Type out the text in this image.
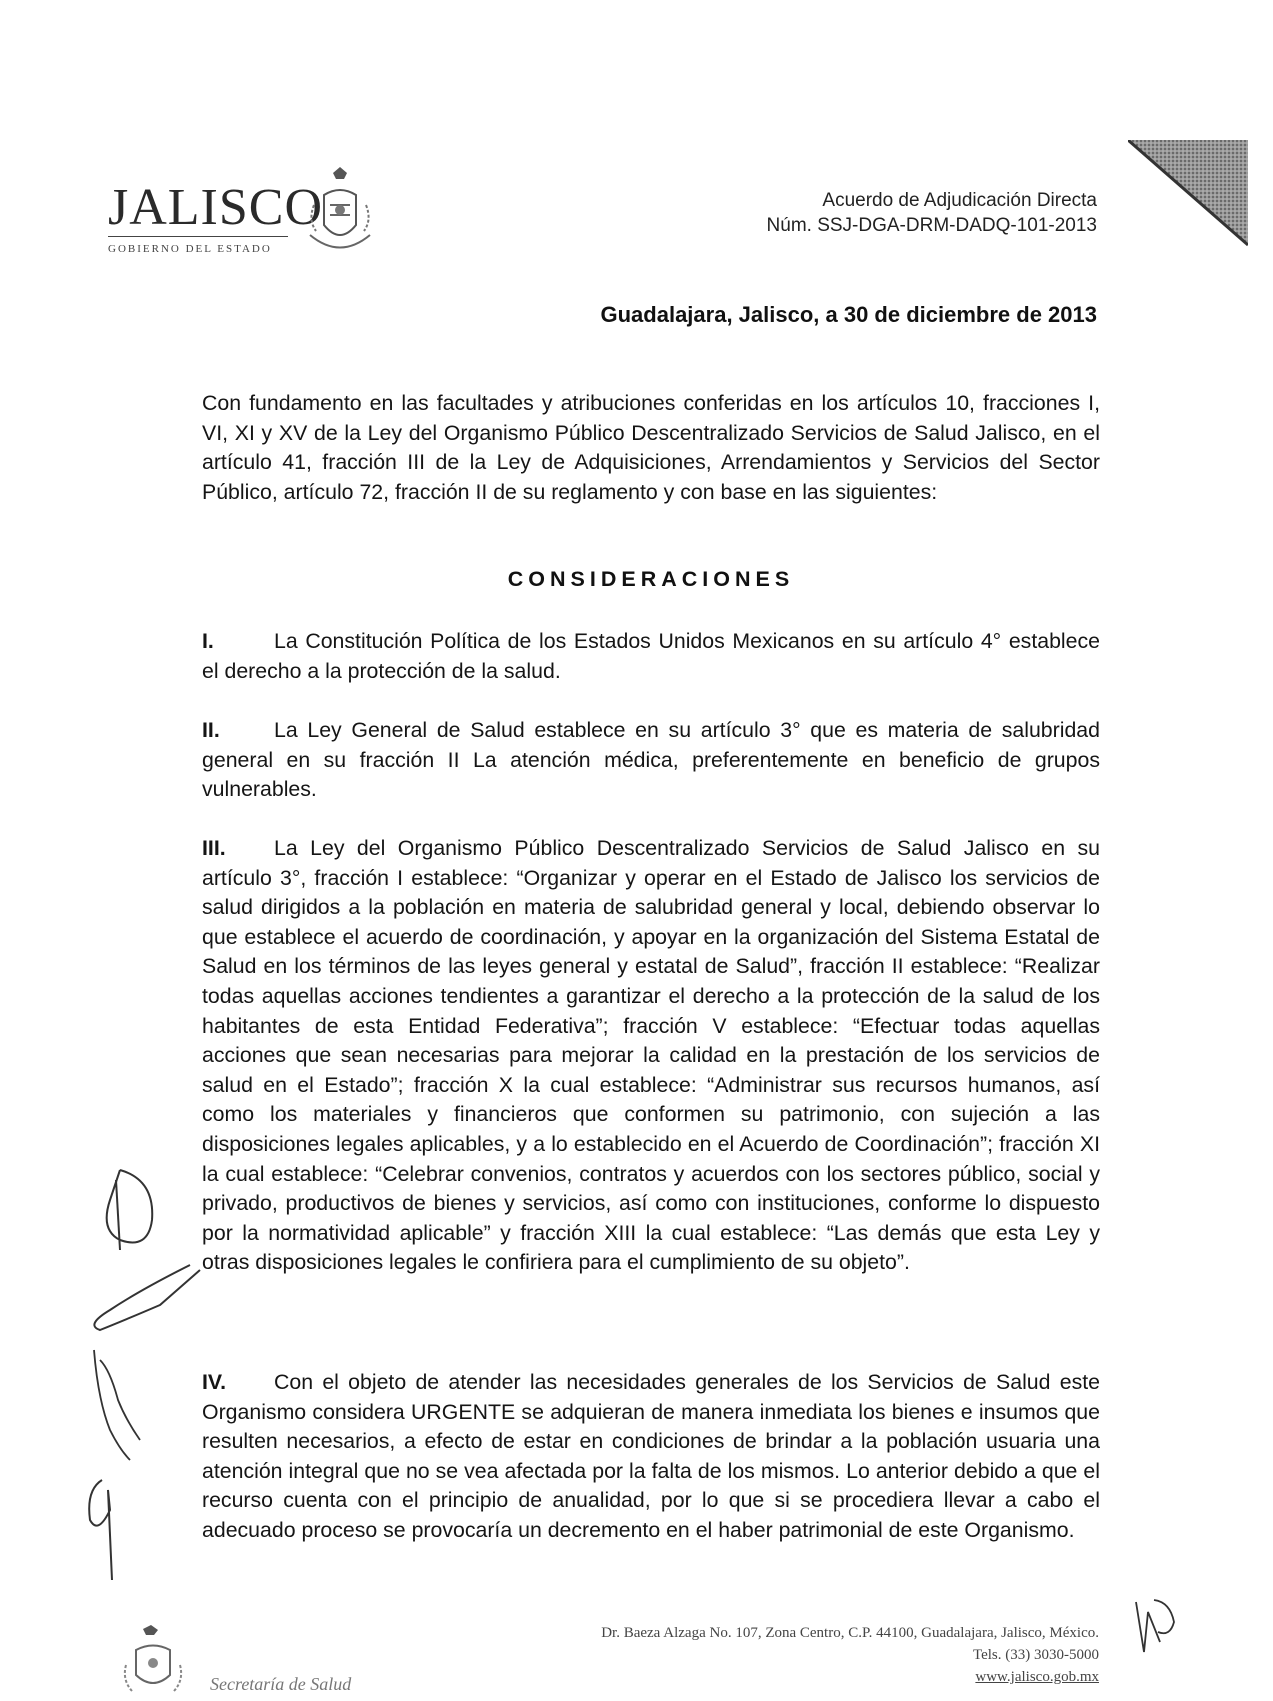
JALISCO
GOBIERNO DEL ESTADO
Acuerdo de Adjudicación Directa
Núm. SSJ-DGA-DRM-DADQ-101-2013
Guadalajara, Jalisco, a 30 de diciembre de 2013
Con fundamento en las facultades y atribuciones conferidas en los artículos 10, fracciones I, VI, XI y XV de la Ley del Organismo Público Descentralizado Servicios de Salud Jalisco, en el artículo 41, fracción III de la Ley de Adquisiciones, Arrendamientos y Servicios del Sector Público, artículo 72, fracción II de su reglamento y con base en las siguientes:
CONSIDERACIONES
I.	La Constitución Política de los Estados Unidos Mexicanos en su artículo 4° establece el derecho a la protección de la salud.
II.	La Ley General de Salud establece en su artículo 3° que es materia de salubridad general en su fracción II La atención médica, preferentemente en beneficio de grupos vulnerables.
III. La Ley del Organismo Público Descentralizado Servicios de Salud Jalisco en su artículo 3°, fracción I establece: “Organizar y operar en el Estado de Jalisco los servicios de salud dirigidos a la población en materia de salubridad general y local, debiendo observar lo que establece el acuerdo de coordinación, y apoyar en la organización del Sistema Estatal de Salud en los términos de las leyes general y estatal de Salud”, fracción II establece: “Realizar todas aquellas acciones tendientes a garantizar el derecho a la protección de la salud de los habitantes de esta Entidad Federativa”; fracción V establece: “Efectuar todas aquellas acciones que sean necesarias para mejorar la calidad en la prestación de los servicios de salud en el Estado”; fracción X la cual establece: “Administrar sus recursos humanos, así como los materiales y financieros que conformen su patrimonio, con sujeción a las disposiciones legales aplicables, y a lo establecido en el Acuerdo de Coordinación”; fracción XI la cual establece: “Celebrar convenios, contratos y acuerdos con los sectores público, social y privado, productivos de bienes y servicios, así como con instituciones, conforme lo dispuesto por la normatividad aplicable” y fracción XIII la cual establece: “Las demás que esta Ley y otras disposiciones legales le confiriera para el cumplimiento de su objeto”.
IV. Con el objeto de atender las necesidades generales de los Servicios de Salud este Organismo considera URGENTE se adquieran de manera inmediata los bienes e insumos que resulten necesarios, a efecto de estar en condiciones de brindar a la población usuaria una atención integral que no se vea afectada por la falta de los mismos. Lo anterior debido a que el recurso cuenta con el principio de anualidad, por lo que si se procediera llevar a cabo el adecuado proceso se provocaría un decremento en el haber patrimonial de este Organismo.
Secretaría de Salud
Dr. Baeza Alzaga No. 107, Zona Centro, C.P. 44100, Guadalajara, Jalisco, México.
Tels. (33) 3030-5000
www.jalisco.gob.mx
